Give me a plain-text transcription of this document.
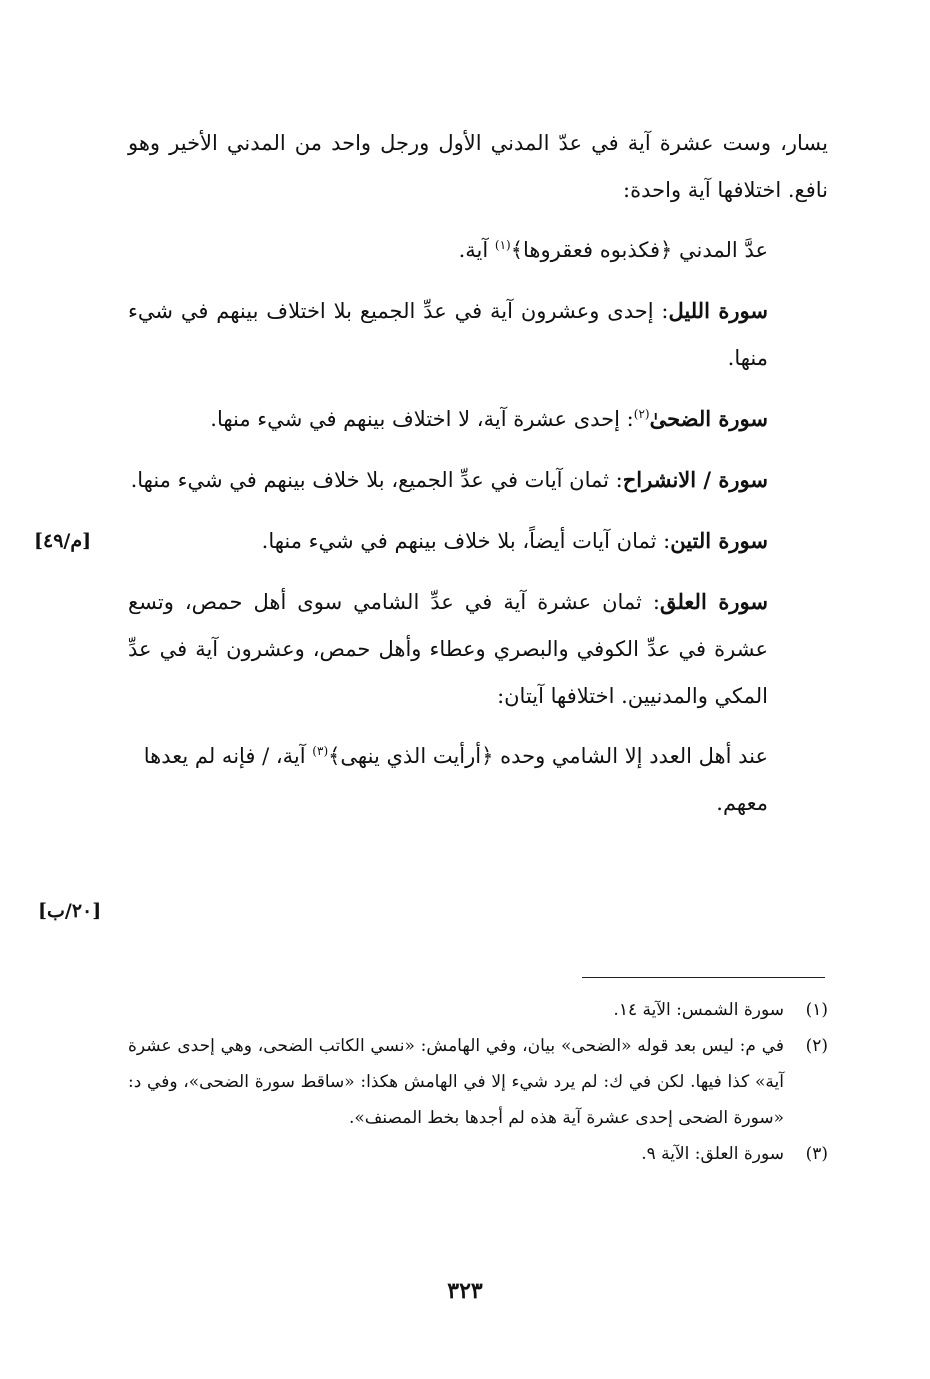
يسار، وست عشرة آية في عدّ المدني الأول ورجل واحد من المدني الأخير وهو نافع. اختلافها آية واحدة:

عدَّ المدني ﴿فكذبوه فعقروها﴾$^{(١)}$ آية.

سورة الليل: إحدى وعشرون آية في عدِّ الجميع بلا اختلاف بينهم في شيء منها.

سورة الضحىٰ$^{(٢)}$: إحدى عشرة آية، لا اختلاف بينهم في شيء منها.

سورة / الانشراح: ثمان آيات في عدِّ الجميع، بلا خلاف بينهم في شيء منها.

سورة التين: ثمان آيات أيضاً، بلا خلاف بينهم في شيء منها.

سورة العلق: ثمان عشرة آية في عدِّ الشامي سوى أهل حمص، وتسع عشرة في عدِّ الكوفي والبصري وعطاء وأهل حمص، وعشرون آية في عدِّ المكي والمدنيين. اختلافها آيتان:

عند أهل العدد إلا الشامي وحده ﴿أرأيت الذي ينهى﴾$^{(٣)}$ آية، / فإنه لم يعدها معهم.

[م/٤٩]
[٢٠/ب]

(١)
سورة الشمس: الآية ١٤.

(٢)
في م: ليس بعد قوله «الضحى» بيان، وفي الهامش: «نسي الكاتب الضحى، وهي إحدى عشرة آية» كذا فيها. لكن في ك: لم يرد شيء إلا في الهامش هكذا: «ساقط سورة الضحى»، وفي د: «سورة الضحى إحدى عشرة آية هذه لم أجدها بخط المصنف».

(٣)
سورة العلق: الآية ٩.

٣٢٣
